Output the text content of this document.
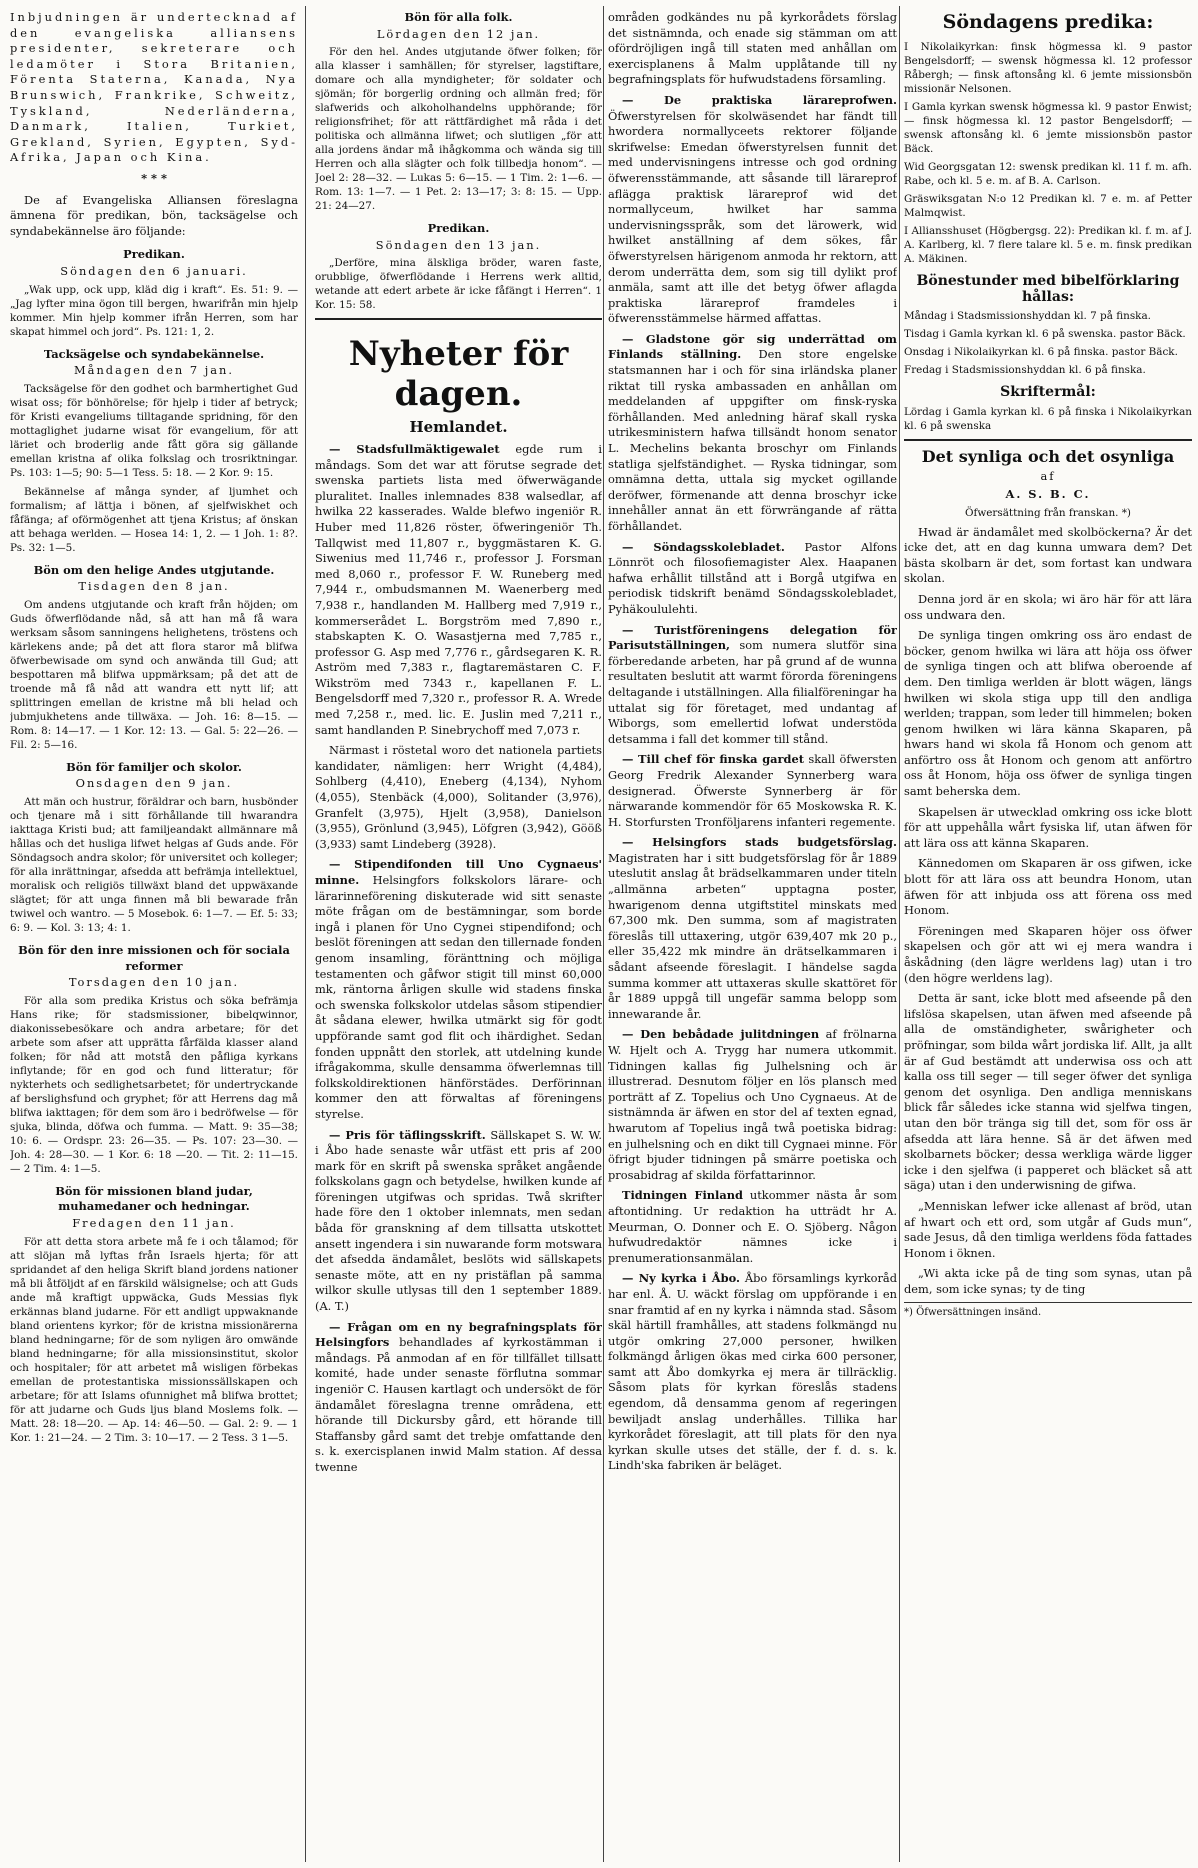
Inbjudningen är undertecknad af den evangeliska alliansens presidenter, sekreterare och ledamöter i Stora Britanien, Förenta Staterna, Kanada, Nya Brunswich, Frankrike, Schweitz, Tyskland, Nederländerna, Danmark, Italien, Turkiet, Grekland, Syrien, Egypten, Syd-Afrika, Japan och Kina.

* * *

De af Evangeliska Alliansen föreslagna ämnena för predikan, bön, tacksägelse och syndabekännelse äro följande:

Predikan.
Söndagen den 6 januari.

„Wak upp, ock upp, kläd dig i kraft“. Es. 51: 9. — „Jag lyfter mina ögon till bergen, hwarifrån min hjelp kommer. Min hjelp kommer ifrån Herren, som har skapat himmel och jord“. Ps. 121: 1, 2.

Tacksägelse och syndabekännelse.
Måndagen den 7 jan.

Tacksägelse för den godhet och barmhertighet Gud wisat oss; för bönhörelse; för hjelp i tider af betryck; för Kristi evangeliums tilltagande spridning, för den mottaglighet judarne wisat för evangelium, för att läriet och broderlig ande fått göra sig gällande emellan kristna af olika folkslag och trosriktningar. Ps. 103: 1—5; 90: 5—1 Tess. 5: 18. — 2 Kor. 9: 15.

Bekännelse af många synder, af ljumhet och formalism; af lättja i bönen, af sjelfwiskhet och fåfänga; af oförmögenhet att tjena Kristus; af önskan att behaga werlden. — Hosea 14: 1, 2. — 1 Joh. 1: 8?. Ps. 32: 1—5.

Bön om den helige Andes utgjutande.
Tisdagen den 8 jan.

Om andens utgjutande och kraft från höjden; om Guds öfwerflödande nåd, så att han må få wara werksam såsom sanningens helighetens, tröstens och kärlekens ande; på det att flora staror må blifwa öfwerbewisade om synd och anwända till Gud; att bespottaren må blifwa uppmärksam; på det att de troende må få nåd att wandra ett nytt lif; att splittringen emellan de kristne må bli helad och jubmjukhetens ande tillwäxa. — Joh. 16: 8—15. — Rom. 8: 14—17. — 1 Kor. 12: 13. — Gal. 5: 22—26. — Fil. 2: 5—16.

Bön för familjer och skolor.
Onsdagen den 9 jan.

Att män och hustrur, föräldrar och barn, husbönder och tjenare må i sitt förhållande till hwarandra iakttaga Kristi bud; att familjeandakt allmännare må hållas och det husliga lifwet helgas af Guds ande. För Söndagsoch andra skolor; för universitet och kolleger; för alla inrättningar, afsedda att befrämja intellektuel, moralisk och religiös tillwäxt bland det uppwäxande slägtet; för att unga finnen må bli bewarade från twiwel och wantro. — 5 Mosebok. 6: 1—7. — Ef. 5: 33; 6: 9. — Kol. 3: 13; 4: 1.

Bön för den inre missionen och för sociala reformer
Torsdagen den 10 jan.

För alla som predika Kristus och söka befrämja Hans rike; för stadsmissioner, bibelqwinnor, diakonissebesökare och andra arbetare; för det arbete som afser att upprätta fårfälda klasser aland folken; för nåd att motstå den påfliga kyrkans inflytande; för en god och fund litteratur; för nykterhets och sedlighetsarbetet; för undertryckande af berslighsfund och gryphet; för att Herrens dag må blifwa iakttagen; för dem som äro i bedröfwelse — för sjuka, blinda, döfwa och fumma. — Matt. 9: 35—38; 10: 6. — Ordspr. 23: 26—35. — Ps. 107: 23—30. — Joh. 4: 28—30. — 1 Kor. 6: 18 —20. — Tit. 2: 11—15. — 2 Tim. 4: 1—5.

Bön för missionen bland judar, muhamedaner och hedningar.
Fredagen den 11 jan.

För att detta stora arbete må fe i och tålamod; för att slöjan må lyftas från Israels hjerta; för att spridandet af den heliga Skrift bland jordens nationer må bli åtföljdt af en färskild wälsignelse; och att Guds ande må kraftigt uppwäcka, Guds Messias flyk erkännas bland judarne. För ett andligt uppwaknande bland orientens kyrkor; för de kristna missionärerna bland hedningarne; för de som nyligen äro omwände bland hedningarne; för alla missionsinstitut, skolor och hospitaler; för att arbetet må wisligen förbekas emellan de protestantiska missionssällskapen och arbetare; för att Islams ofunnighet må blifwa brottet; för att judarne och Guds ljus bland Moslems folk. — Matt. 28: 18—20. — Ap. 14: 46—50. — Gal. 2: 9. — 1 Kor. 1: 21—24. — 2 Tim. 3: 10—17. — 2 Tess. 3 1—5.

Bön för alla folk.
Lördagen den 12 jan.

För den hel. Andes utgjutande öfwer folken; för alla klasser i samhällen; för styrelser, lagstiftare, domare och alla myndigheter; för soldater och sjömän; för borgerlig ordning och allmän fred; för slafwerids och alkoholhandelns upphörande; för religionsfrihet; för att rättfärdighet må råda i det politiska och allmänna lifwet; och slutligen „för att alla jordens ändar må ihågkomma och wända sig till Herren och alla slägter och folk tillbedja honom“. — Joel 2: 28—32. — Lukas 5: 6—15. — 1 Tim. 2: 1—6. — Rom. 13: 1—7. — 1 Pet. 2: 13—17; 3: 8: 15. — Upp. 21: 24—27.

Predikan.
Söndagen den 13 jan.

„Derföre, mina älskliga bröder, waren faste, orubblige, öfwerflödande i Herrens werk alltid, wetande att edert arbete är icke fåfängt i Herren“. 1 Kor. 15: 58.

Nyheter för dagen.
Hemlandet.

— Stadsfullmäktigewalet egde rum i måndags. Som det war att förutse segrade det swenska partiets lista med öfwerwägande pluralitet. Inalles inlemnades 838 walsedlar, af hwilka 22 kasserades. Walde blefwo ingeniör R. Huber med 11,826 röster, öfweringeniör Th. Tallqwist med 11,807 r., byggmästaren K. G. Siwenius med 11,746 r., professor J. Forsman med 8,060 r., professor F. W. Runeberg med 7,944 r., ombudsmannen M. Waenerberg med 7,938 r., handlanden M. Hallberg med 7,919 r., kommerserådet L. Borgström med 7,890 r., stabskapten K. O. Wasastjerna med 7,785 r., professor G. Asp med 7,776 r., gårdsegaren K. R. Aström med 7,383 r., flagtaremästaren C. F. Wikström med 7343 r., kapellanen F. L. Bengelsdorff med 7,320 r., professor R. A. Wrede med 7,258 r., med. lic. E. Juslin med 7,211 r., samt handlanden P. Sinebrychoff med 7,073 r.

Närmast i röstetal woro det nationela partiets kandidater, nämligen: herr Wright (4,484), Sohlberg (4,410), Eneberg (4,134), Nyhom (4,055), Stenbäck (4,000), Solitander (3,976), Granfelt (3,975), Hjelt (3,958), Danielson (3,955), Grönlund (3,945), Löfgren (3,942), Gööß (3,933) samt Lindeberg (3928).

— Stipendifonden till Uno Cygnaeus' minne. Helsingfors folkskolors lärare- och lärarinneförening diskuterade wid sitt senaste möte frågan om de bestämningar, som borde ingå i planen för Uno Cygnei stipendifond; och beslöt föreningen att sedan den tillernade fonden genom insamling, föränttning och möjliga testamenten och gåfwor stigit till minst 60,000 mk, räntorna årligen skulle wid stadens finska och swenska folkskolor utdelas såsom stipendier åt sådana elewer, hwilka utmärkt sig för godt uppförande samt god flit och ihärdighet. Sedan fonden uppnått den storlek, att utdelning kunde ifrågakomma, skulle densamma öfwerlemnas till folkskoldirektionen hänförstädes. Derförinnan kommer den att förwaltas af föreningens styrelse.

— Pris för täflingsskrift. Sällskapet S. W. W. i Åbo hade senaste wår utfäst ett pris af 200 mark för en skrift på swenska språket angående folkskolans gagn och betydelse, hwilken kunde af föreningen utgifwas och spridas. Twå skrifter hade före den 1 oktober inlemnats, men sedan båda för granskning af dem tillsatta utskottet ansett ingendera i sin nuwarande form motswara det afsedda ändamålet, beslöts wid sällskapets senaste möte, att en ny pristäflan på samma wilkor skulle utlysas till den 1 september 1889. (A. T.)

— Frågan om en ny begrafningsplats för Helsingfors behandlades af kyrkostämman i måndags. På anmodan af en för tillfället tillsatt komité, hade under senaste förflutna sommar ingeniör C. Hausen kartlagt och undersökt de för ändamålet föreslagna trenne områdena, ett hörande till Dickursby gård, ett hörande till Staffansby gård samt det trebje omfattande den s. k. exercisplanen inwid Malm station. Af dessa twenne

områden godkändes nu på kyrkorådets förslag det sistnämnda, och enade sig stämman om att ofördröjligen ingå till staten med anhållan om exercisplanens å Malm upplåtande till ny begrafningsplats för hufwudstadens församling.

— De praktiska lärareprofwen. Öfwerstyrelsen för skolwäsendet har fändt till hwordera normallyceets rektorer följande skrifwelse: Emedan öfwerstyrelsen funnit det med undervisningens intresse och god ordning öfwerensstämmande, att såsande till lärareprof aflägga praktisk lärareprof wid det normallyceum, hwilket har samma undervisningsspråk, som det lärowerk, wid hwilket anställning af dem sökes, får öfwerstyrelsen härigenom anmoda hr rektorn, att derom underrätta dem, som sig till dylikt prof anmäla, samt att ille det betyg öfwer aflagda praktiska lärareprof framdeles i öfwerensstämmelse härmed affattas.

— Gladstone gör sig underrättad om Finlands ställning. Den store engelske statsmannen har i och för sina irländska planer riktat till ryska ambassaden en anhållan om meddelanden af uppgifter om finsk-ryska förhållanden. Med anledning häraf skall ryska utrikesministern hafwa tillsändt honom senator L. Mechelins bekanta broschyr om Finlands statliga sjelfständighet. — Ryska tidningar, som omnämna detta, uttala sig mycket ogillande deröfwer, förmenande att denna broschyr icke innehåller annat än ett förwrängande af rätta förhållandet.

— Söndagsskolebladet. Pastor Alfons Lönnröt och filosofiemagister Alex. Haapanen hafwa erhållit tillstånd att i Borgå utgifwa en periodisk tidskrift benämd Söndagsskolebladet, Pyhäkoululehti.

— Turistföreningens delegation för Parisutställningen, som numera slutför sina förberedande arbeten, har på grund af de wunna resultaten beslutit att warmt förorda föreningens deltagande i utställningen. Alla filialföreningar ha uttalat sig för företaget, med undantag af Wiborgs, som emellertid lofwat understöda detsamma i fall det kommer till stånd.

— Till chef för finska gardet skall öfwersten Georg Fredrik Alexander Synnerberg wara designerad. Öfwerste Synnerberg är för närwarande kommendör för 65 Moskowska R. K. H. Storfursten Tronföljarens infanteri regemente.

— Helsingfors stads budgetsförslag. Magistraten har i sitt budgetsförslag för år 1889 uteslutit anslag åt brädselkammaren under titeln „allmänna arbeten“ upptagna poster, hwarigenom denna utgiftstitel minskats med 67,300 mk. Den summa, som af magistraten föreslås till uttaxering, utgör 639,407 mk 20 p., eller 35,422 mk mindre än drätselkammaren i sådant afseende föreslagit. I händelse sagda summa kommer att uttaxeras skulle skattöret för år 1889 uppgå till ungefär samma belopp som innewarande år.

— Den bebådade julitdningen af frölnarna W. Hjelt och A. Trygg har numera utkommit. Tidningen kallas fig Julhelsning och är illustrerad. Desnutom följer en lös plansch med porträtt af Z. Topelius och Uno Cygnaeus. At de sistnämnda är äfwen en stor del af texten egnad, hwarutom af Topelius ingå twå poetiska bidrag: en julhelsning och en dikt till Cygnaei minne. För öfrigt bjuder tidningen på smärre poetiska och prosabidrag af skilda författarinnor.

Tidningen Finland utkommer nästa år som aftontidning. Ur redaktion ha utträdt hr A. Meurman, O. Donner och E. O. Sjöberg. Någon hufwudredaktör nämnes icke i prenumerationsanmälan.

— Ny kyrka i Åbo. Åbo församlings kyrkoråd har enl. Å. U. wäckt förslag om uppförande i en snar framtid af en ny kyrka i nämnda stad. Såsom skäl härtill framhålles, att stadens folkmängd nu utgör omkring 27,000 personer, hwilken folkmängd årligen ökas med cirka 600 personer, samt att Åbo domkyrka ej mera är tillräcklig. Såsom plats för kyrkan föreslås stadens egendom, då densamma genom af regeringen bewiljadt anslag underhålles. Tillika har kyrkorådet föreslagit, att till plats för den nya kyrkan skulle utses det ställe, der f. d. s. k. Lindh'ska fabriken är beläget.

Söndagens predika:

I Nikolaikyrkan: finsk högmessa kl. 9 pastor Bengelsdorff; — swensk högmessa kl. 12 professor Råbergh; — finsk aftonsång kl. 6 jemte missionsbön missionär Nelsonen.

I Gamla kyrkan swensk högmessa kl. 9 pastor Enwist; — finsk högmessa kl. 12 pastor Bengelsdorff; — swensk aftonsång kl. 6 jemte missionsbön pastor Bäck.

Wid Georgsgatan 12: swensk predikan kl. 11 f. m. afh. Rabe, och kl. 5 e. m. af B. A. Carlson.

Gräswiksgatan N:o 12 Predikan kl. 7 e. m. af Petter Malmqwist.

I Alliansshuset (Högbergsg. 22): Predikan kl. f. m. af J. A. Karlberg, kl. 7 flere talare kl. 5 e. m. finsk predikan A. Mäkinen.

Bönestunder med bibelförklaring hållas:

Måndag i Stadsmissionshyddan kl. 7 på finska.

Tisdag i Gamla kyrkan kl. 6 på swenska. pastor Bäck.

Onsdag i Nikolaikyrkan kl. 6 på finska. pastor Bäck.

Fredag i Stadsmissionshyddan kl. 6 på finska.

Skriftermål:

Lördag i Gamla kyrkan kl. 6 på finska i Nikolaikyrkan kl. 6 på swenska

Det synliga och det osynliga
af
A. S. B. C.
Öfwersättning från franskan. *)

Hwad är ändamålet med skolböckerna? Är det icke det, att en dag kunna umwara dem? Det bästa skolbarn är det, som fortast kan undwara skolan.

Denna jord är en skola; wi äro här för att lära oss undwara den.

De synliga tingen omkring oss äro endast de böcker, genom hwilka wi lära att höja oss öfwer de synliga tingen och att blifwa oberoende af dem. Den timliga werlden är blott wägen, längs hwilken wi skola stiga upp till den andliga werlden; trappan, som leder till himmelen; boken genom hwilken wi lära känna Skaparen, på hwars hand wi skola få Honom och genom att anförtro oss åt Honom och genom att anförtro oss åt Honom, höja oss öfwer de synliga tingen samt beherska dem.

Skapelsen är utwecklad omkring oss icke blott för att uppehålla wårt fysiska lif, utan äfwen för att lära oss att känna Skaparen.

Kännedomen om Skaparen är oss gifwen, icke blott för att lära oss att beundra Honom, utan äfwen för att inbjuda oss att förena oss med Honom.

Föreningen med Skaparen höjer oss öfwer skapelsen och gör att wi ej mera wandra i åskådning (den lägre werldens lag) utan i tro (den högre werldens lag).

Detta är sant, icke blott med afseende på den lifslösa skapelsen, utan äfwen med afseende på alla de omständigheter, swårigheter och pröfningar, som bilda wårt jordiska lif. Allt, ja allt är af Gud bestämdt att underwisa oss och att kalla oss till seger — till seger öfwer det synliga genom det osynliga. Den andliga menniskans blick får således icke stanna wid sjelfwa tingen, utan den bör tränga sig till det, som för oss är afsedda att lära henne. Så är det äfwen med skolbarnets böcker; dessa werkliga wärde ligger icke i den sjelfwa (i papperet och bläcket så att säga) utan i den underwisning de gifwa.

„Menniskan lefwer icke allenast af bröd, utan af hwart och ett ord, som utgår af Guds mun“, sade Jesus, då den timliga werldens föda fattades Honom i öknen.

„Wi akta icke på de ting som synas, utan på dem, som icke synas; ty de ting

*) Öfwersättningen insänd.
